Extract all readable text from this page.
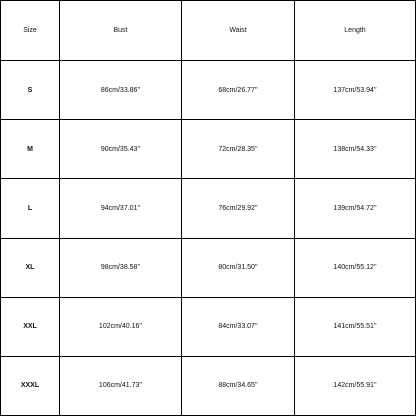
Size	Bust	Waist	Length
S	86cm/33.86''	68cm/26.77''	137cm/53.94''
M	90cm/35.43''	72cm/28.35''	138cm/54.33''
L	94cm/37.01''	76cm/29.92''	139cm/54.72''
XL	98cm/38.58''	80cm/31.50''	140cm/55.12''
XXL	102cm/40.16''	84cm/33.07''	141cm/55.51''
XXXL	106cm/41.73''	88cm/34.65''	142cm/55.91''
